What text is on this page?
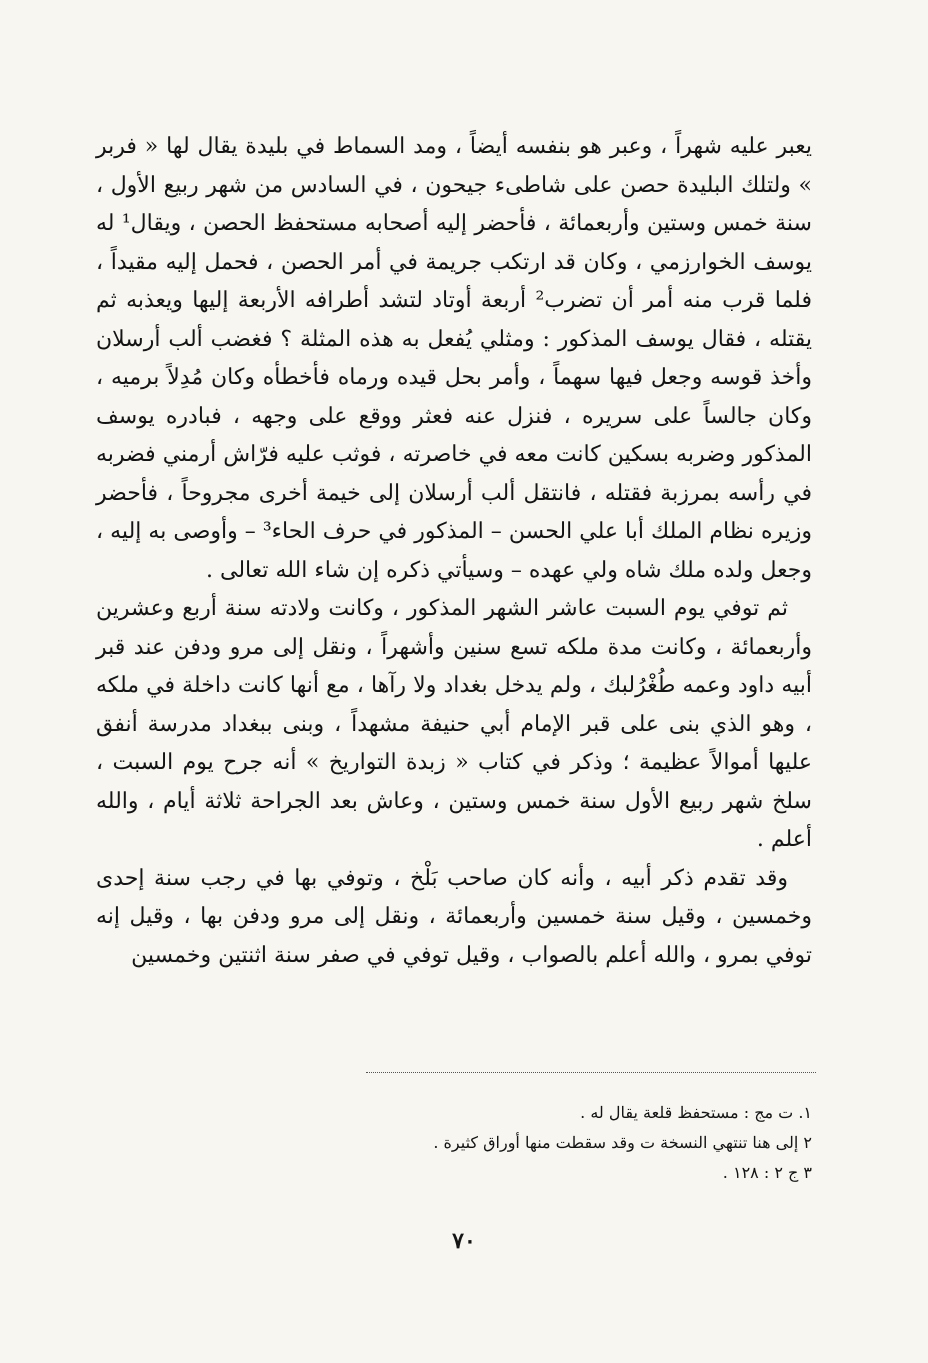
يعبر عليه شهراً ، وعبر هو بنفسه أيضاً ، ومد السماط في بليدة يقال لها « فربر » ولتلك البليدة حصن على شاطىء جيحون ، في السادس من شهر ربيع الأول ، سنة خمس وستين وأربعمائة ، فأحضر إليه أصحابه مستحفظ الحصن ، ويقال¹ له يوسف الخوارزمي ، وكان قد ارتكب جريمة في أمر الحصن ، فحمل إليه مقيداً ، فلما قرب منه أمر أن تضرب² أربعة أوتاد لتشد أطرافه الأربعة إليها ويعذبه ثم يقتله ، فقال يوسف المذكور : ومثلي يُفعل به هذه المثلة ؟ فغضب ألب أرسلان وأخذ قوسه وجعل فيها سهماً ، وأمر بحل قيده ورماه فأخطأه وكان مُدِلاً برميه ، وكان جالساً على سريره ، فنزل عنه فعثر ووقع على وجهه ، فبادره يوسف المذكور وضربه بسكين كانت معه في خاصرته ، فوثب عليه فرّاش أرمني فضربه في رأسه بمرزبة فقتله ، فانتقل ألب أرسلان إلى خيمة أخرى مجروحاً ، فأحضر وزيره نظام الملك أبا علي الحسن – المذكور في حرف الحاء³ – وأوصى به إليه ، وجعل ولده ملك شاه ولي عهده – وسيأتي ذكره إن شاء الله تعالى .

ثم توفي يوم السبت عاشر الشهر المذكور ، وكانت ولادته سنة أربع وعشرين وأربعمائة ، وكانت مدة ملكه تسع سنين وأشهراً ، ونقل إلى مرو ودفن عند قبر أبيه داود وعمه طُغْرُلبك ، ولم يدخل بغداد ولا رآها ، مع أنها كانت داخلة في ملكه ، وهو الذي بنى على قبر الإمام أبي حنيفة مشهداً ، وبنى ببغداد مدرسة أنفق عليها أموالاً عظيمة ؛ وذكر في كتاب « زبدة التواريخ » أنه جرح يوم السبت ، سلخ شهر ربيع الأول سنة خمس وستين ، وعاش بعد الجراحة ثلاثة أيام ، والله أعلم .

وقد تقدم ذكر أبيه ، وأنه كان صاحب بَلْخ ، وتوفي بها في رجب سنة إحدى وخمسين ، وقيل سنة خمسين وأربعمائة ، ونقل إلى مرو ودفن بها ، وقيل إنه توفي بمرو ، والله أعلم بالصواب ، وقيل توفي في صفر سنة اثنتين وخمسين

١. ت مج : مستحفظ قلعة يقال له .

٢ إلى هنا تنتهي النسخة ت وقد سقطت منها أوراق كثيرة .

٣ ج ٢ : ١٢٨ .

٧٠
